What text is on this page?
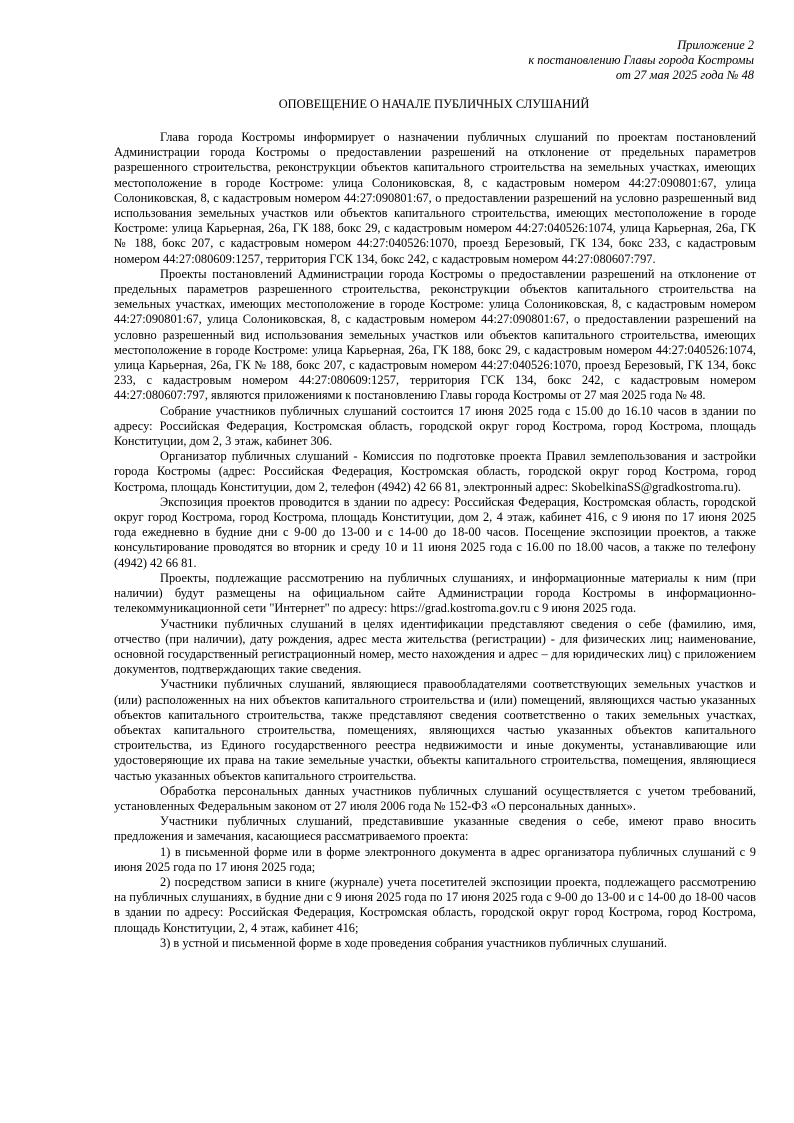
Приложение 2
к постановлению Главы города Костромы
от 27 мая 2025 года № 48
ОПОВЕЩЕНИЕ О НАЧАЛЕ ПУБЛИЧНЫХ СЛУШАНИЙ

Глава города Костромы информирует о назначении публичных слушаний по проектам постановлений Администрации города Костромы о предоставлении разрешений на отклонение от предельных параметров разрешенного строительства, реконструкции объектов капитального строительства на земельных участках, имеющих местоположение в городе Костроме: улица Солониковская, 8, с кадастровым номером 44:27:090801:67, улица Солониковская, 8, с кадастровым номером 44:27:090801:67, о предоставлении разрешений на условно разрешенный вид использования земельных участков или объектов капитального строительства, имеющих местоположение в городе Костроме: улица Карьерная, 26а, ГК 188, бокс 29, с кадастровым номером 44:27:040526:1074, улица Карьерная, 26а, ГК № 188, бокс 207, с кадастровым номером 44:27:040526:1070, проезд Березовый, ГК 134, бокс 233, с кадастровым номером 44:27:080609:1257, территория ГСК 134, бокс 242, с кадастровым номером 44:27:080607:797.

Проекты постановлений Администрации города Костромы о предоставлении разрешений на отклонение от предельных параметров разрешенного строительства, реконструкции объектов капитального строительства на земельных участках, имеющих местоположение в городе Костроме: улица Солониковская, 8, с кадастровым номером 44:27:090801:67, улица Солониковская, 8, с кадастровым номером 44:27:090801:67, о предоставлении разрешений на условно разрешенный вид использования земельных участков или объектов капитального строительства, имеющих местоположение в городе Костроме: улица Карьерная, 26а, ГК 188, бокс 29, с кадастровым номером 44:27:040526:1074, улица Карьерная, 26а, ГК № 188, бокс 207, с кадастровым номером 44:27:040526:1070, проезд Березовый, ГК 134, бокс 233, с кадастровым номером 44:27:080609:1257, территория ГСК 134, бокс 242, с кадастровым номером 44:27:080607:797, являются приложениями к постановлению Главы города Костромы от 27 мая 2025 года № 48.

Собрание участников публичных слушаний состоится 17 июня 2025 года с 15.00 до 16.10 часов в здании по адресу: Российская Федерация, Костромская область, городской округ город Кострома, город Кострома, площадь Конституции, дом 2, 3 этаж, кабинет 306.

Организатор публичных слушаний - Комиссия по подготовке проекта Правил землепользования и застройки города Костромы (адрес: Российская Федерация, Костромская область, городской округ город Кострома, город Кострома, площадь Конституции, дом 2, телефон (4942) 42 66 81, электронный адрес: SkobelkinaSS@gradkostroma.ru).

Экспозиция проектов проводится в здании по адресу: Российская Федерация, Костромская область, городской округ город Кострома, город Кострома, площадь Конституции, дом 2, 4 этаж, кабинет 416, с 9 июня по 17 июня 2025 года ежедневно в будние дни с 9-00 до 13-00 и с 14-00 до 18-00 часов. Посещение экспозиции проектов, а также консультирование проводятся во вторник и среду 10 и 11 июня 2025 года с 16.00 по 18.00 часов, а также по телефону (4942) 42 66 81.

Проекты, подлежащие рассмотрению на публичных слушаниях, и информационные материалы к ним (при наличии) будут размещены на официальном сайте Администрации города Костромы в информационно-телекоммуникационной сети "Интернет" по адресу: https://grad.kostroma.gov.ru с 9 июня 2025 года.

Участники публичных слушаний в целях идентификации представляют сведения о себе (фамилию, имя, отчество (при наличии), дату рождения, адрес места жительства (регистрации) - для физических лиц; наименование, основной государственный регистрационный номер, место нахождения и адрес – для юридических лиц) с приложением документов, подтверждающих такие сведения.

Участники публичных слушаний, являющиеся правообладателями соответствующих земельных участков и (или) расположенных на них объектов капитального строительства и (или) помещений, являющихся частью указанных объектов капитального строительства, также представляют сведения соответственно о таких земельных участках, объектах капитального строительства, помещениях, являющихся частью указанных объектов капитального строительства, из Единого государственного реестра недвижимости и иные документы, устанавливающие или удостоверяющие их права на такие земельные участки, объекты капитального строительства, помещения, являющиеся частью указанных объектов капитального строительства.

Обработка персональных данных участников публичных слушаний осуществляется с учетом требований, установленных Федеральным законом от 27 июля 2006 года № 152-ФЗ «О персональных данных».

Участники публичных слушаний, представившие указанные сведения о себе, имеют право вносить предложения и замечания, касающиеся рассматриваемого проекта:

1) в письменной форме или в форме электронного документа в адрес организатора публичных слушаний с 9 июня 2025 года по 17 июня 2025 года;

2) посредством записи в книге (журнале) учета посетителей экспозиции проекта, подлежащего рассмотрению на публичных слушаниях, в будние дни с 9 июня 2025 года по 17 июня 2025 года с 9-00 до 13-00 и с 14-00 до 18-00 часов в здании по адресу: Российская Федерация, Костромская область, городской округ город Кострома, город Кострома, площадь Конституции, 2, 4 этаж, кабинет 416;

3) в устной и письменной форме в ходе проведения собрания участников публичных слушаний.
